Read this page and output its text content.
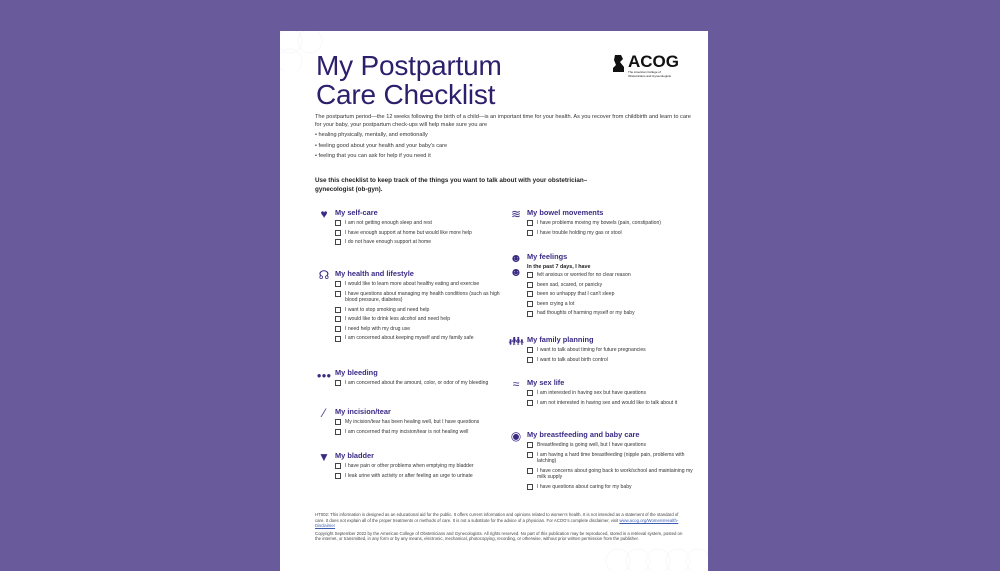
My Postpartum Care Checklist
ACOG
The American College of Obstetricians and Gynecologists

The postpartum period—the 12 weeks following the birth of a child—is an important time for your health. As you recover from childbirth and learn to care for your baby, your postpartum check-ups will help make sure you are

• healing physically, mentally, and emotionally
• feeling good about your health and your baby's care
• feeling that you can ask for help if you need it

Use this checklist to keep track of the things you want to talk about with your obstetrician–gynecologist (ob-gyn).

♥	My self-care
I am not getting enough sleep and rest
I have enough support at home but would like more help
I do not have enough support at home
☊ My health and lifestyle
I would like to learn more about healthy eating and exercise
I have questions about managing my health conditions (such as high blood pressure, diabetes)
I want to stop smoking and need help
I would like to drink less alcohol and need help
I need help with my drug use
I am concerned about keeping myself and my family safe
●●● My bleeding
I am concerned about the amount, color, or odor of my bleeding
⁄	My incision/tear
My incision/tear has been healing well, but I have questions
I am concerned that my incision/tear is not healing well
▼ My bladder
I have pain or other problems when emptying my bladder
I leak urine with activity or after feeling an urge to urinate
≋ My bowel movements
I have problems moving my bowels (pain, constipation)
I have trouble holding my gas or stool
☻☻
My feelings
In the past 7 days, I have
felt anxious or worried for no clear reason
been sad, scared, or panicky
been so unhappy that I can't sleep
been crying a lot
had thoughts of harming myself or my baby
👪︎ My family planning
I want to talk about timing for future pregnancies
I want to talk about birth control
≈	My sex life
I am interested in having sex but have questions
I am not interested in having sex and would like to talk about it
◉ My breastfeeding and baby care
Breastfeeding is going well, but I have questions
I am having a hard time breastfeeding (nipple pain, problems with latching)
I have concerns about going back to work/school and maintaining my milk supply
I have questions about caring for my baby

HT002: This information is designed as an educational aid for the public. It offers current information and opinions related to women's health. It is not intended as a statement of the standard of care. It does not explain all of the proper treatments or methods of care. It is not a substitute for the advice of a physician. For ACOG's complete disclaimer, visit www.acog.org/WomensHealth-Disclaimer

Copyright September 2022 by the American College of Obstetricians and Gynecologists. All rights reserved. No part of this publication may be reproduced, stored in a retrieval system, posted on the internet, or transmitted, in any form or by any means, electronic, mechanical, photocopying, recording, or otherwise, without prior written permission from the publisher.
